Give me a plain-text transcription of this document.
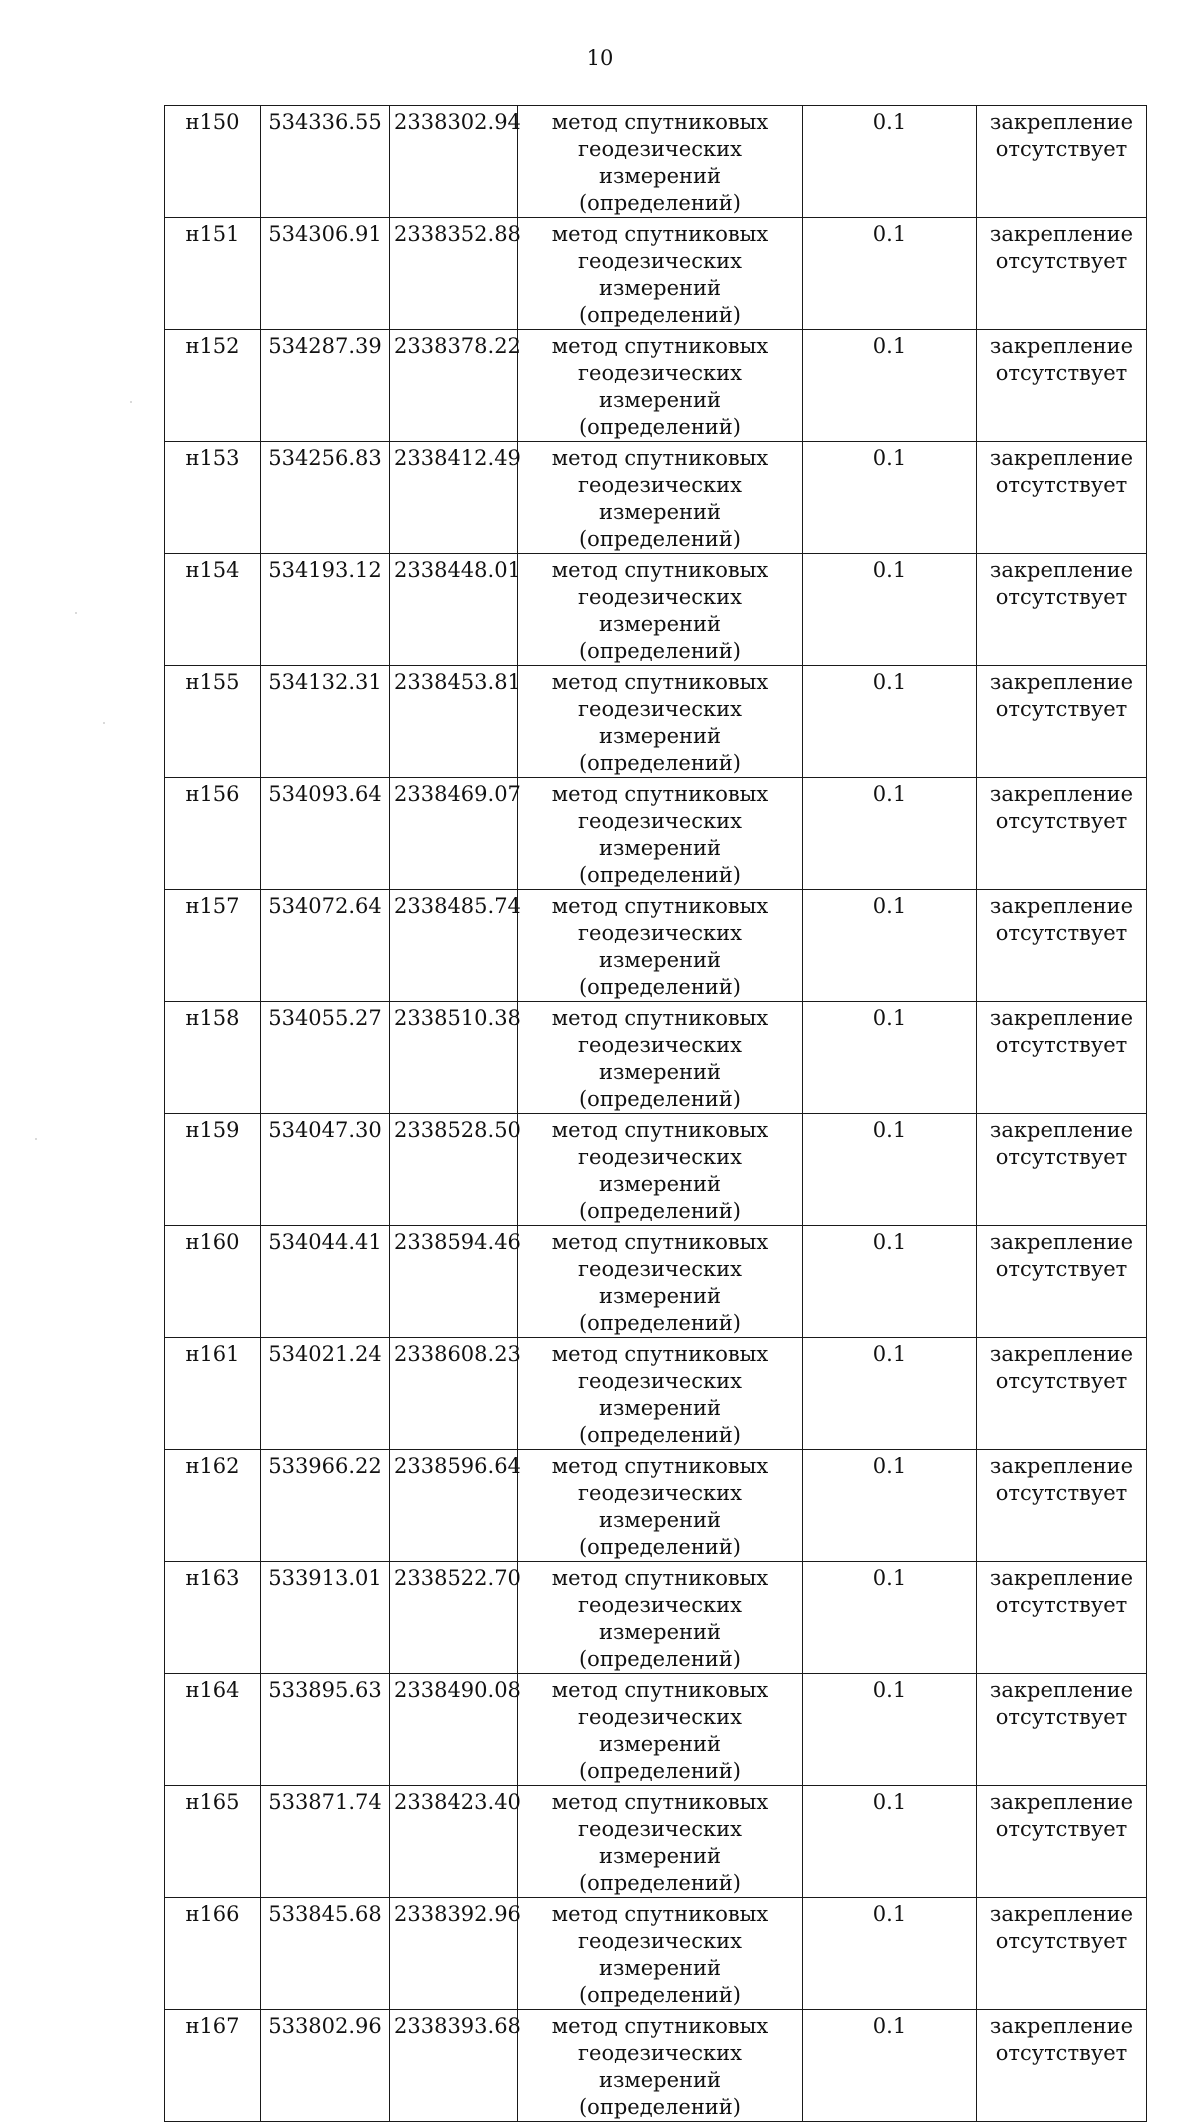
10
н150	534336.55	2338302.94	метод спутниковых
геодезических измерений
(определений)	0.1	закрепление
отсутствует

н151	534306.91	2338352.88	метод спутниковых
геодезических измерений
(определений)	0.1	закрепление
отсутствует

н152	534287.39	2338378.22	метод спутниковых
геодезических измерений
(определений)	0.1	закрепление
отсутствует

н153	534256.83	2338412.49	метод спутниковых
геодезических измерений
(определений)	0.1	закрепление
отсутствует

н154	534193.12	2338448.01	метод спутниковых
геодезических измерений
(определений)	0.1	закрепление
отсутствует

н155	534132.31	2338453.81	метод спутниковых
геодезических измерений
(определений)	0.1	закрепление
отсутствует

н156	534093.64	2338469.07	метод спутниковых
геодезических измерений
(определений)	0.1	закрепление
отсутствует

н157	534072.64	2338485.74	метод спутниковых
геодезических измерений
(определений)	0.1	закрепление
отсутствует

н158	534055.27	2338510.38	метод спутниковых
геодезических измерений
(определений)	0.1	закрепление
отсутствует

н159	534047.30	2338528.50	метод спутниковых
геодезических измерений
(определений)	0.1	закрепление
отсутствует

н160	534044.41	2338594.46	метод спутниковых
геодезических измерений
(определений)	0.1	закрепление
отсутствует

н161	534021.24	2338608.23	метод спутниковых
геодезических измерений
(определений)	0.1	закрепление
отсутствует

н162	533966.22	2338596.64	метод спутниковых
геодезических измерений
(определений)	0.1	закрепление
отсутствует

н163	533913.01	2338522.70	метод спутниковых
геодезических измерений
(определений)	0.1	закрепление
отсутствует

н164	533895.63	2338490.08	метод спутниковых
геодезических измерений
(определений)	0.1	закрепление
отсутствует

н165	533871.74	2338423.40	метод спутниковых
геодезических измерений
(определений)	0.1	закрепление
отсутствует

н166	533845.68	2338392.96	метод спутниковых
геодезических измерений
(определений)	0.1	закрепление
отсутствует

н167	533802.96	2338393.68	метод спутниковых
геодезических измерений
(определений)	0.1	закрепление
отсутствует
